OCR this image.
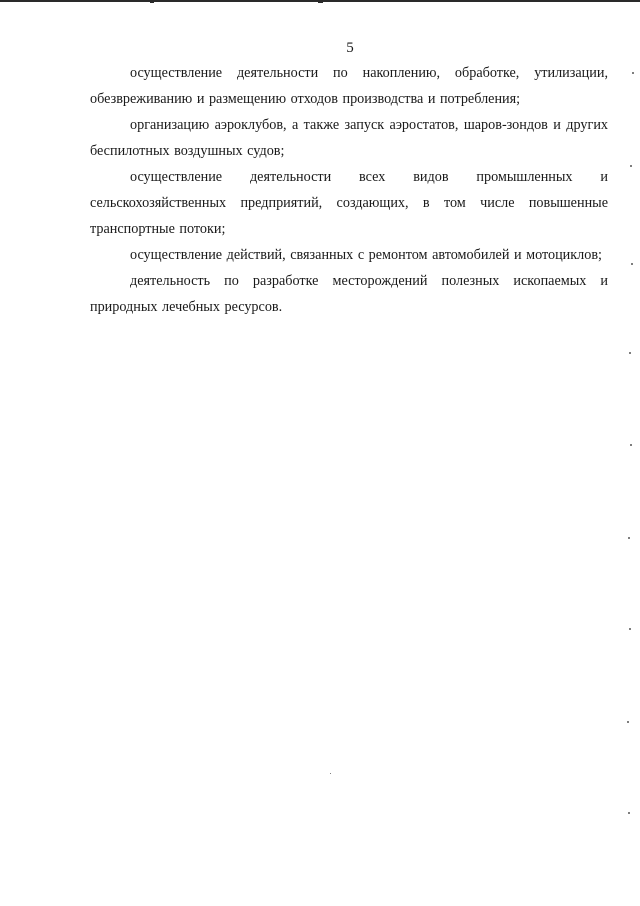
5

осуществление деятельности по накоплению, обработке, утилизации, обезвреживанию и размещению отходов производства и потребления;

организацию аэроклубов, а также запуск аэростатов, шаров-зондов и других беспилотных воздушных судов;

осуществление деятельности всех видов промышленных и сельскохозяйственных предприятий, создающих, в том числе повышенные транспортные потоки;

осуществление действий, связанных с ремонтом автомобилей и мотоциклов;

деятельность по разработке месторождений полезных ископаемых и природных лечебных ресурсов.
